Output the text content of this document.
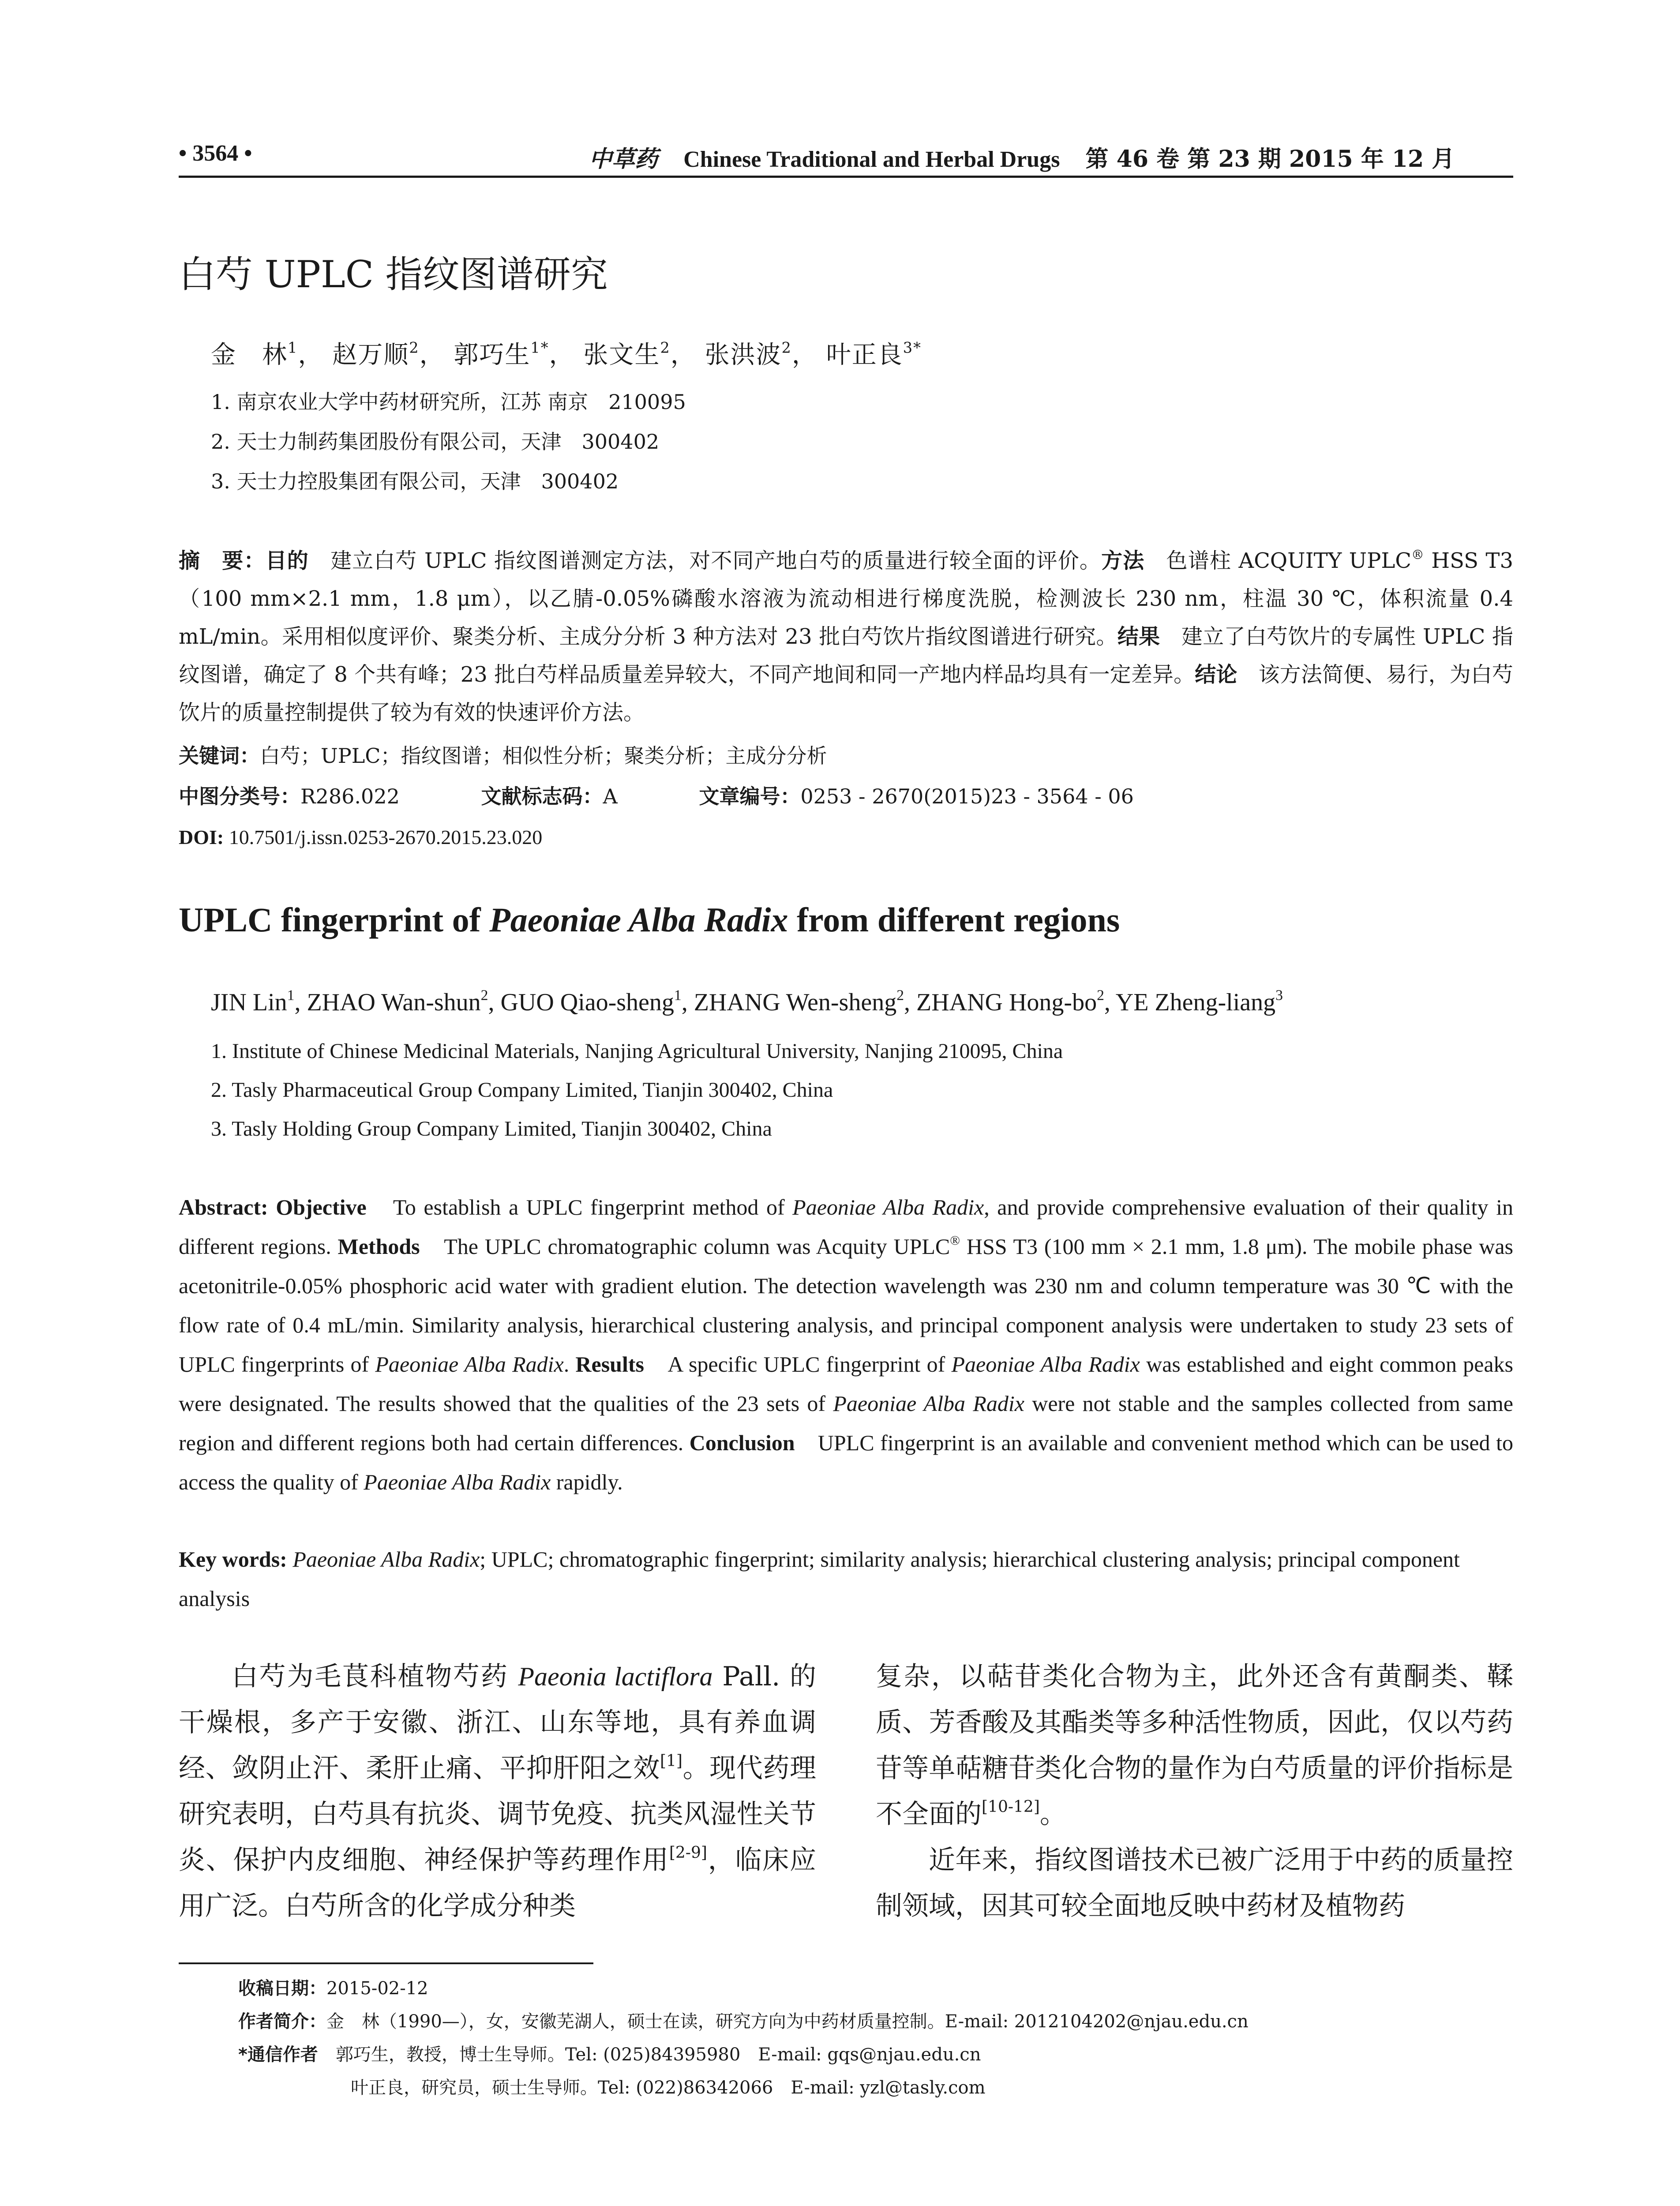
• 3564 •	中草药 Chinese Traditional and Herbal Drugs 第 46 卷 第 23 期 2015 年 12 月
白芍 UPLC 指纹图谱研究
金　林$^1$， 赵万顺$^2$， 郭巧生$^{1*}$， 张文生$^2$， 张洪波$^2$， 叶正良$^{3*}$
1. 南京农业大学中药材研究所，江苏 南京　210095
2. 天士力制药集团股份有限公司，天津　300402
3. 天士力控股集团有限公司，天津　300402
摘　要：目的　建立白芍 UPLC 指纹图谱测定方法，对不同产地白芍的质量进行较全面的评价。方法　色谱柱 ACQUITY UPLC® HSS T3（100 mm×2.1 mm，1.8 μm），以乙腈-0.05%磷酸水溶液为流动相进行梯度洗脱，检测波长 230 nm，柱温 30 ℃，体积流量 0.4 mL/min。采用相似度评价、聚类分析、主成分分析 3 种方法对 23 批白芍饮片指纹图谱进行研究。结果　建立了白芍饮片的专属性 UPLC 指纹图谱，确定了 8 个共有峰；23 批白芍样品质量差异较大，不同产地间和同一产地内样品均具有一定差异。结论　该方法简便、易行，为白芍饮片的质量控制提供了较为有效的快速评价方法。
关键词：白芍；UPLC；指纹图谱；相似性分析；聚类分析；主成分分析
中图分类号：R286.022	文献标志码：A	文章编号：0253 - 2670(2015)23 - 3564 - 06
DOI: 10.7501/j.issn.0253-2670.2015.23.020
UPLC fingerprint of Paeoniae Alba Radix from different regions
JIN Lin$^1$, ZHAO Wan-shun$^2$, GUO Qiao-sheng$^1$, ZHANG Wen-sheng$^2$, ZHANG Hong-$bo^2$, YE Zheng-liang$^3$
1. Institute of Chinese Medicinal Materials, Nanjing Agricultural University, Nanjing 210095, China
2. Tasly Pharmaceutical Group Company Limited, Tianjin 300402, China
3. Tasly Holding Group Company Limited, Tianjin 300402, China
Abstract: Objective　To establish a UPLC fingerprint method of Paeoniae Alba Radix, and provide comprehensive evaluation of their quality in different regions. Methods　The UPLC chromatographic column was Acquity UPLC® HSS T3 (100 mm × 2.1 mm, 1.8 μm). The mobile phase was acetonitrile-0.05% phosphoric acid water with gradient elution. The detection wavelength was 230 nm and column temperature was 30 ℃ with the flow rate of 0.4 mL/min. Similarity analysis, hierarchical clustering analysis, and principal component analysis were undertaken to study 23 sets of UPLC fingerprints of Paeoniae Alba Radix. Results　A specific UPLC fingerprint of Paeoniae Alba Radix was established and eight common peaks were designated. The results showed that the qualities of the 23 sets of Paeoniae Alba Radix were not stable and the samples collected from same region and different regions both had certain differences. Conclusion　UPLC fingerprint is an available and convenient method which can be used to access the quality of Paeoniae Alba Radix rapidly.
Key words: Paeoniae Alba Radix; UPLC; chromatographic fingerprint; similarity analysis; hierarchical clustering analysis; principal component analysis
白芍为毛茛科植物芍药 Paeonia lactiflora Pall. 的干燥根，多产于安徽、浙江、山东等地，具有养血调经、敛阴止汗、柔肝止痛、平抑肝阳之效[1]。现代药理研究表明，白芍具有抗炎、调节免疫、抗类风湿性关节炎、保护内皮细胞、神经保护等药理作用[2-9]，临床应用广泛。白芍所含的化学成分种类
复杂，以萜苷类化合物为主，此外还含有黄酮类、鞣质、芳香酸及其酯类等多种活性物质，因此，仅以芍药苷等单萜糖苷类化合物的量作为白芍质量的评价指标是不全面的[10-12]。
近年来，指纹图谱技术已被广泛用于中药的质量控制领域，因其可较全面地反映中药材及植物药
收稿日期：2015-02-12
作者简介：金　林（1990—），女，安徽芜湖人，硕士在读，研究方向为中药材质量控制。E-mail: 2012104202@njau.edu.cn
*通信作者　郭巧生，教授，博士生导师。Tel: (025)84395980　E-mail: gqs@njau.edu.cn
叶正良，研究员，硕士生导师。Tel: (022)86342066　E-mail: yzl@tasly.com
